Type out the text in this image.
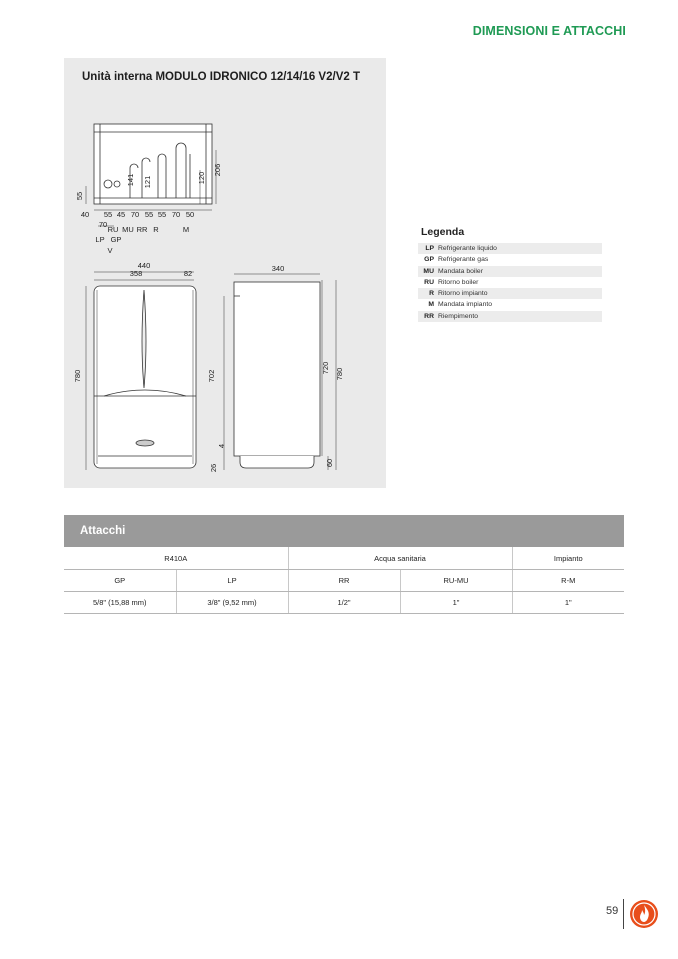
DIMENSIONI E ATTACCHI
Unità interna MODULO IDRONICO 12/14/16 V2/V2 T
55
141 121	120
206
40 55 45 70 55 55 70 50
70
RU MU RR R	M
LP GP
V
440
358	82
780
340
720 780
702
60
4
26
Legenda
LP Refrigerante liquido
GP Refrigerante gas
MU Mandata boiler
RU Ritorno boiler
R Ritorno impianto
M Mandata impianto
RR Riempimento
Attacchi
R410A		Acqua sanitaria		Impianto
GP	LP	RR	RU-MU	R-M
5/8" (15,88 mm)	3/8" (9,52 mm)	1/2"	1"	1"
59
